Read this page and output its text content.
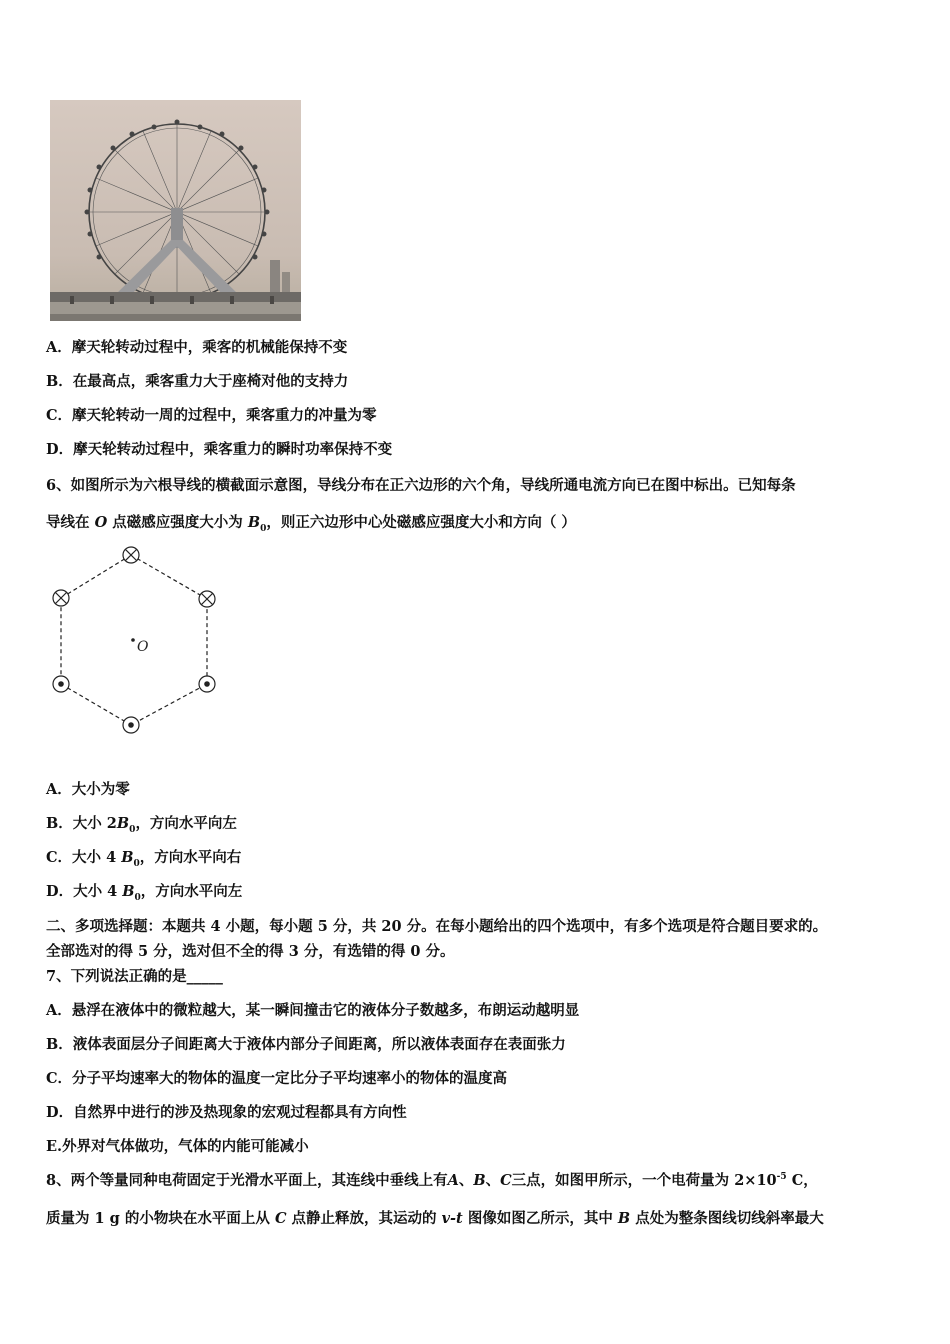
A．摩天轮转动过程中，乘客的机械能保持不变
B．在最高点，乘客重力大于座椅对他的支持力
C．摩天轮转动一周的过程中，乘客重力的冲量为零
D．摩天轮转动过程中，乘客重力的瞬时功率保持不变
6、如图所示为六根导线的横截面示意图，导线分布在正六边形的六个角，导线所通电流方向已在图中标出。已知每条
导线在 O 点磁感应强度大小为 $B_0$，则正六边形中心处磁感应强度大小和方向（ ）
O
A．大小为零
B．大小 $2B_0$，方向水平向左
C．大小 4 $B_0$，方向水平向右
D．大小 4 $B_0$，方向水平向左
二、多项选择题：本题共 4 小题，每小题 5 分，共 20 分。在每小题给出的四个选项中，有多个选项是符合题目要求的。
全部选对的得 5 分，选对但不全的得 3 分，有选错的得 0 分。
7、下列说法正确的是_____
A．悬浮在液体中的微粒越大，某一瞬间撞击它的液体分子数越多，布朗运动越明显
B．液体表面层分子间距离大于液体内部分子间距离，所以液体表面存在表面张力
C．分子平均速率大的物体的温度一定比分子平均速率小的物体的温度高
D．自然界中进行的涉及热现象的宏观过程都具有方向性
E.外界对气体做功，气体的内能可能减小
8、两个等量同种电荷固定于光滑水平面上，其连线中垂线上有A、B、C三点，如图甲所示，一个电荷量为 $2\times 10^{-5}$ C，
质量为 1 g 的小物块在水平面上从 C 点静止释放，其运动的 v-t 图像如图乙所示，其中 B 点处为整条图线切线斜率最大
